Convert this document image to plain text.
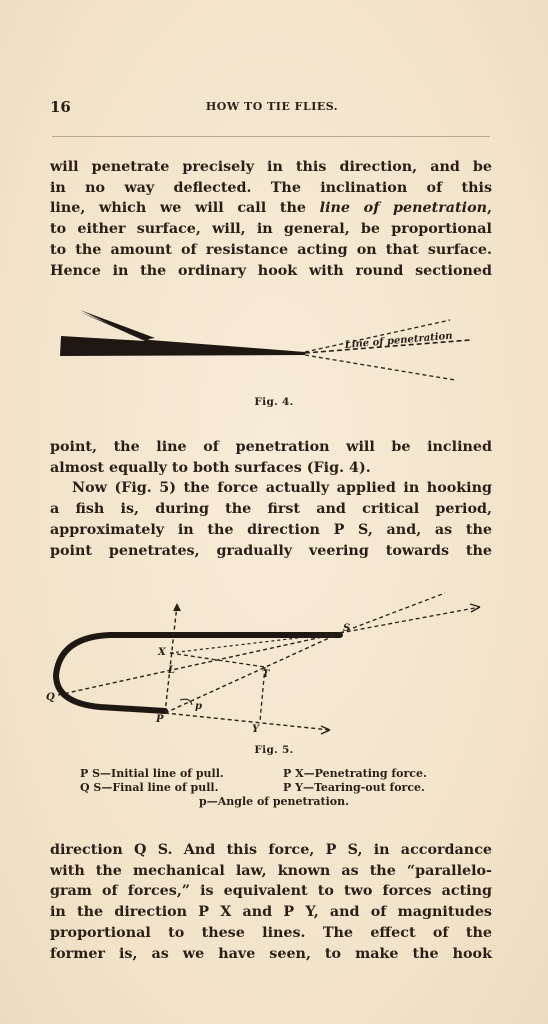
16	HOW TO TIE FLIES.
will penetrate precisely in this direction, and be
in no way deflected. The inclination of this
line, which we will call the line of penetration,
to either surface, will, in general, be proportional
to the amount of resistance acting on that surface.
Hence in the ordinary hook with round sectioned
Line of penetration
Fig. 4.
point, the line of penetration will be inclined
almost equally to both surfaces (Fig. 4).
Now (Fig. 5) the force actually applied in hooking
a fish is, during the first and critical period,
approximately in the direction P S, and, as the
point penetrates, gradually veering towards the
S
X
L	T
Q
P
Y
p
Fig. 5.
P S—Initial line of pull.
Q S—Final line of pull.
P X—Penetrating force.
P Y—Tearing-out force.
p—Angle of penetration.
direction Q S. And this force, P S, in accordance
with the mechanical law, known as the “parallelo-
gram of forces,” is equivalent to two forces acting
in the direction P X and P Y, and of magnitudes
proportional to these lines. The effect of the
former is, as we have seen, to make the hook
